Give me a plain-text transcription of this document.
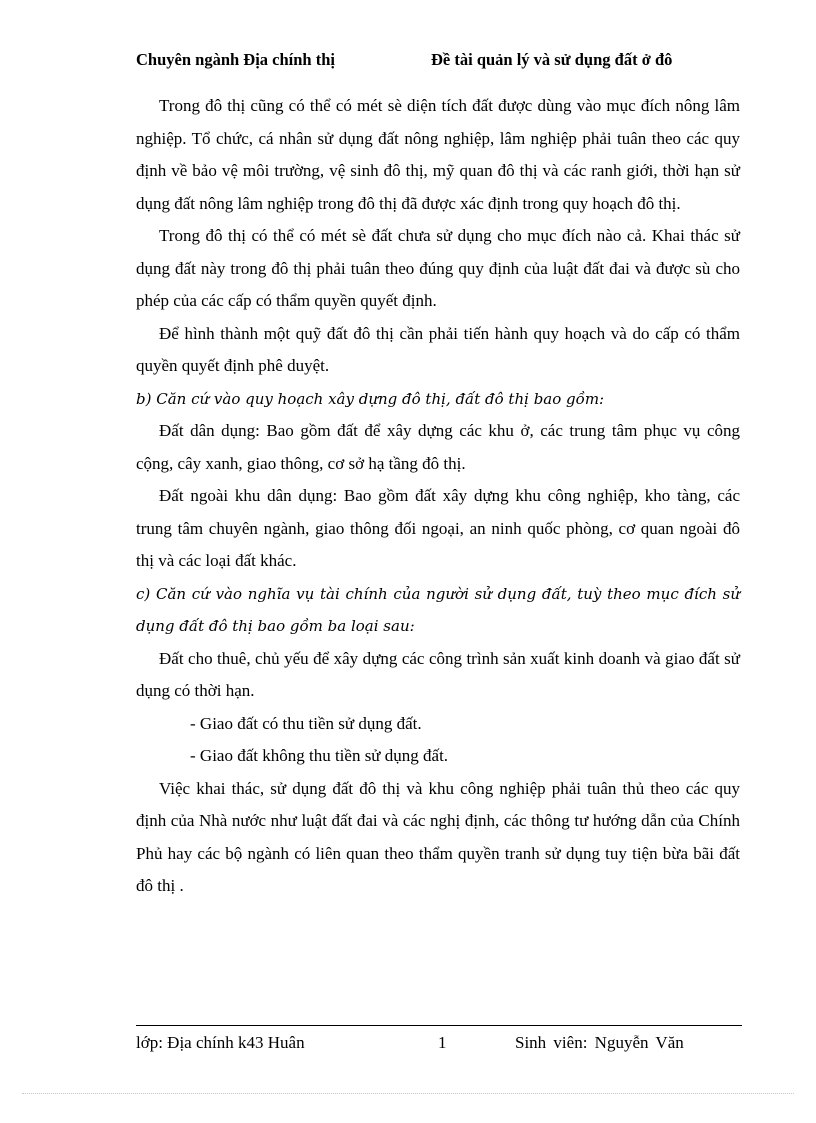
Chuyên ngành Địa chính thị	Đề tài quản lý và sử dụng đất ở đô

Trong đô thị cũng có thể có mét sè diện tích đất được dùng vào mục đích nông lâm nghiệp. Tổ chức, cá nhân sử dụng đất nông nghiệp, lâm nghiệp phải tuân theo các quy định về bảo vệ môi trường, vệ sinh đô thị, mỹ quan đô thị và các ranh giới, thời hạn sử dụng đất nông lâm nghiệp trong đô thị đã được xác định trong quy hoạch đô thị.

Trong đô thị có thể có mét sè đất chưa sử dụng cho mục đích nào cả. Khai thác sử dụng đất này trong đô thị phải tuân theo đúng quy định của luật đất đai và được sù cho phép của các cấp có thẩm quyền quyết định.

Để hình thành một quỹ đất đô thị cần phải tiến hành quy hoạch và do cấp có thẩm quyền quyết định phê duyệt.

b) Căn cứ vào quy hoạch xây dựng đô thị, đất đô thị bao gồm:

Đất dân dụng: Bao gồm đất để xây dựng các khu ở, các trung tâm phục vụ công cộng, cây xanh, giao thông, cơ sở hạ tầng đô thị.

Đất ngoài khu dân dụng: Bao gồm đất xây dựng khu công nghiệp, kho tàng, các trung tâm chuyên ngành, giao thông đối ngoại, an ninh quốc phòng, cơ quan ngoài đô thị và các loại đất khác.

c) Căn cứ vào nghĩa vụ tài chính của người sử dụng đất, tuỳ theo mục đích sử dụng đất đô thị bao gồm ba loại sau:

Đất cho thuê, chủ yếu để xây dựng các công trình sản xuất kinh doanh và giao đất sử dụng có thời hạn.

- Giao đất có thu tiền sử dụng đất.

- Giao đất không thu tiền sử dụng đất.

Việc khai thác, sử dụng đất đô thị và khu công nghiệp phải tuân thủ theo các quy định của Nhà nước như luật đất đai và các nghị định, các thông tư hướng dẫn của Chính Phủ hay các bộ ngành có liên quan theo thẩm quyền tranh sử dụng tuy tiện bừa bãi đất đô thị .

lớp: Địa chính k43 Huân	1	Sinh viên: Nguyễn Văn
